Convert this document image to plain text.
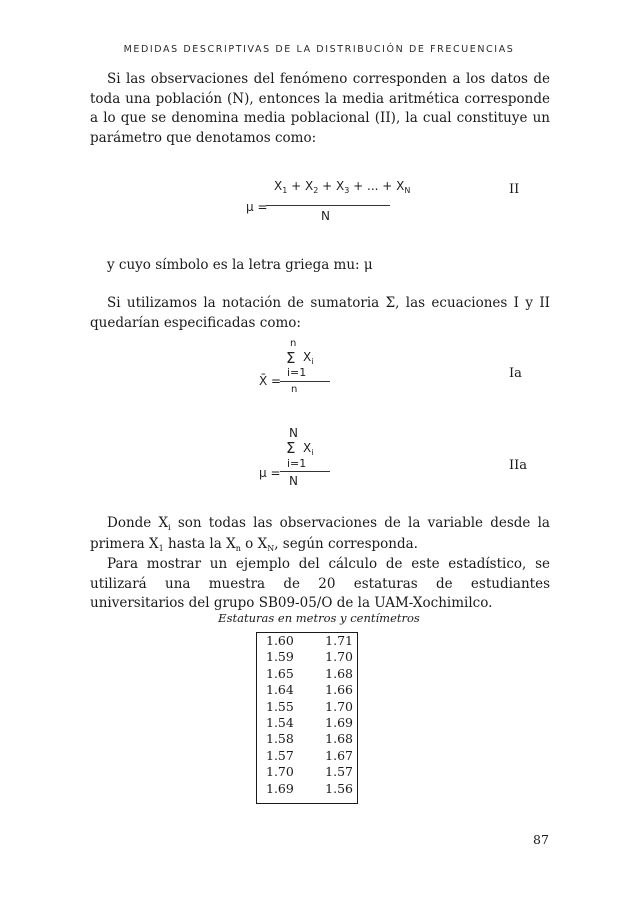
MEDIDAS DESCRIPTIVAS DE LA DISTRIBUCIÓN DE FRECUENCIAS

Si las observaciones del fenómeno corresponden a los datos de toda una población (N), entonces la media aritmética corresponde a lo que se denomina media poblacional (II), la cual constituye un parámetro que denotamos como:

μ =
$X_1 + X_2 + X_3$ + ... + $X_N$
N
II

y cuyo símbolo es la letra griega mu: μ

Si utilizamos la notación de sumatoria Σ, las ecuaciones I y II quedarían especificadas como:

n
Σ $X_i$
i=1
X̄ =
n
Ia
N
Σ $X_i$
i=1
μ =
N
IIa

Donde $X_i$ son todas las observaciones de la variable desde la primera $X_1$ hasta la $X_n$ o $X_N$, según corresponda.

Para mostrar un ejemplo del cálculo de este estadístico, se utilizará una muestra de 20 estaturas de estudiantes universitarios del grupo SB09-05/O de la UAM-Xochimilco.

Estaturas en metros y centímetros
1.60	1.71
1.59	1.70
1.65	1.68
1.64	1.66
1.55	1.70
1.54	1.69
1.58	1.68
1.57	1.67
1.70	1.57
1.69	1.56
87
